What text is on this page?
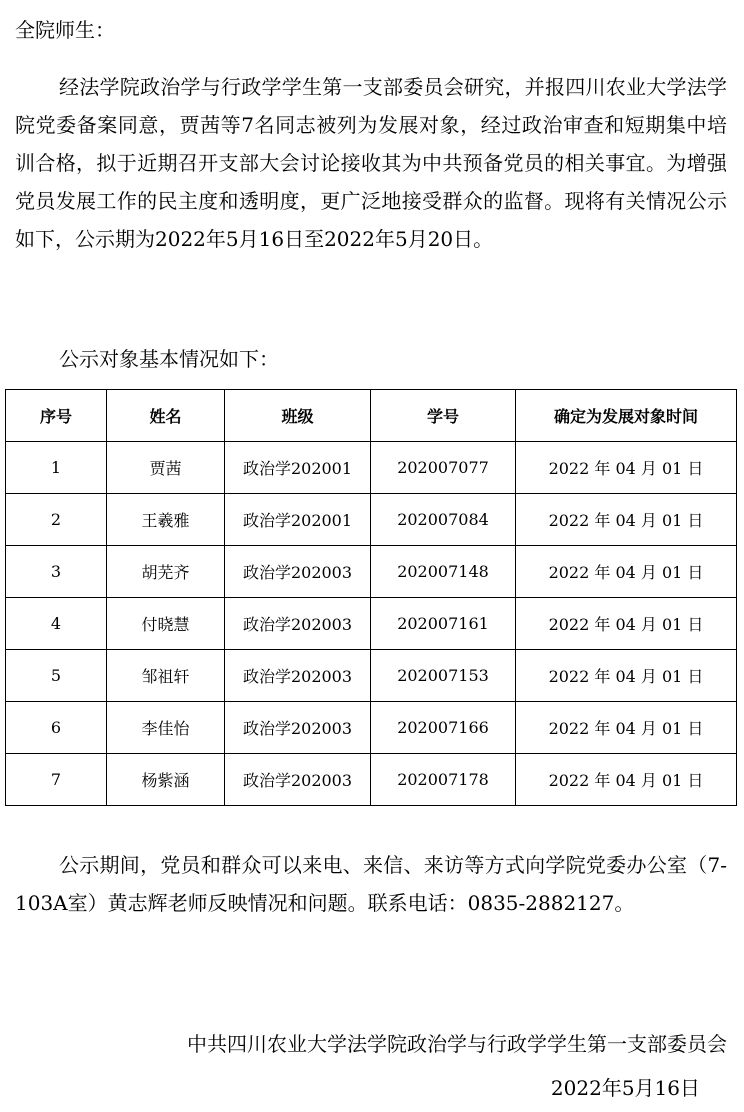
全院师生：
经法学院政治学与行政学学生第一支部委员会研究，并报四川农业大学法学院党委备案同意，贾茜等7名同志被列为发展对象，经过政治审查和短期集中培训合格，拟于近期召开支部大会讨论接收其为中共预备党员的相关事宜。为增强党员发展工作的民主度和透明度，更广泛地接受群众的监督。现将有关情况公示如下，公示期为2022年5月16日至2022年5月20日。
公示对象基本情况如下：
序号	姓名	班级	学号	确定为发展对象时间
1	贾茜	政治学202001	202007077	2022 年 04 月 01 日
2	王羲雅	政治学202001	202007084	2022 年 04 月 01 日
3	胡芜齐	政治学202003	202007148	2022 年 04 月 01 日
4	付晓慧	政治学202003	202007161	2022 年 04 月 01 日
5	邹祖轩	政治学202003	202007153	2022 年 04 月 01 日
6	李佳怡	政治学202003	202007166	2022 年 04 月 01 日
7	杨紫涵	政治学202003	202007178	2022 年 04 月 01 日
公示期间，党员和群众可以来电、来信、来访等方式向学院党委办公室（7-103A室）黄志辉老师反映情况和问题。联系电话：0835-2882127。
中共四川农业大学法学院政治学与行政学学生第一支部委员会
2022年5月16日
